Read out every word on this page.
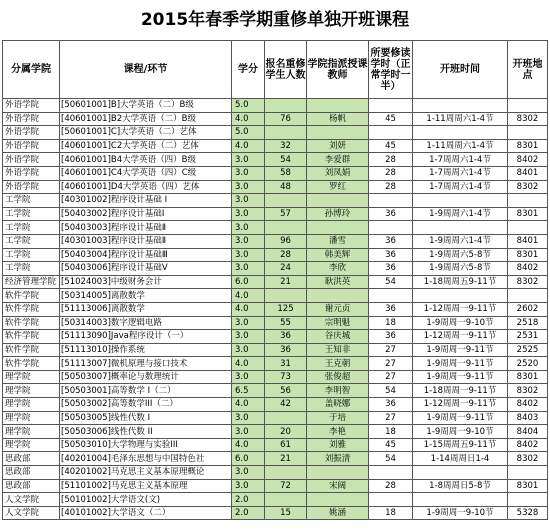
2015年春季学期重修单独开班课程
分属学院	课程/环节	学分	报名重修学生人数	学院指派授课教师	所要修读学时（正常学时一半）	开班时间	开班地点
外语学院	[50601001]B]大学英语（二）B级	5.0					
外语学院	[40601001]B2大学英语（二）B级	4.0	76	杨帆	45	1-11周周六1-4节	8302
外语学院	[50601001]C]大学英语（二）艺体	5.0					
外语学院	[40601001]C2大学英语（二）艺体	4.0	32	刘妍	45	1-11周周六1-4节	8301
外语学院	[40601001]B4大学英语（四）B级	3.0	54	李爱群	28	1-7周周六1-4节	8402
外语学院	[40601001]C4大学英语（四）C级	3.0	58	刘凤娟	28	1-7周周六1-4节	8401
外语学院	[40601001]D4大学英语（四）艺体	3.0	48	罗红	28	1-7周周六1-4节	8302
工学院	[40301002]程序设计基础 I	3.0					
工学院	[50403002]程序设计基础I	3.0	57	孙博玲	36	1-9周周六1-4节	8301
工学院	[50403003]程序设计基础Ⅱ	3.0					
工学院	[40301003]程序设计基础Ⅱ	3.0	96	潘雪	36	1-9周周六1-4节	8401
工学院	[50403004]程序设计基础Ⅲ	3.0	28	韩美辉	36	1-9周周六5-8节	8301
工学院	[50403006]程序设计基础V	3.0	24	李欣	36	1-9周周六5-8节	8402
经济管理学院	[51024003]中级财务会计	6.0	21	耿洪英	54	1-18周周五9-11节	8302
软件学院	[50314005]离散数学	4.0					
软件学院	[51113006]离散数学	4.0	125	谢元贞	36	1-12周周一9-11节	2602
软件学院	[50314003]数字逻辑电路	3.0	55	宗明魁	18	1-9周周一9-10节	2518
软件学院	[51113090]Java程序设计（一）	3.0	36	谷庆城	36	1-12周周一9-11节	2531
软件学院	[51113010]操作系统	3.0	36	王知非	27	1-9周周一9-11节	2525
软件学院	[51113007]微机原理与接口技术	4.0	31	王克朝	27	1-9周周一9-11节	2520
理学院	[50503007]概率论与数理统计	3.0	73	张俊超	27	1-9周周一9-11节	8301
理学院	[50503001]高等数学 I（二）	6.5	56	李明智	54	1-18周周一9-11节	8302
理学院	[50503002]高等数学III（二）	4.0	42	盖晓娜	36	1-12周周一9-11节	8402
理学院	[50503005]线性代数 I	3.0		于培	27	1-9周周一9-11节	8403
理学院	[50503006]线性代数 II	3.0	20	李艳	18	1-9周周一9-10节	8404
理学院	[50503010]大学物理与实验III	4.0	61	刘雅	45	1-15周周五9-11节	8402
思政部	[40201004]毛泽东思想与中国特色社	6.0	21	刘振清	54	1-14周周日1-4	8302
思政部	[40201002]马克思主义基本原理概论	3.0					
思政部	[51101002]马克思主义基本原理	3.0	72	宋阔	28	1-8周周日5-8节	8301
人文学院	[50101002]大学语文(文)	2.0					
人文学院	[40101002]大学语文（二）	2.0	15	姚涵	18	1-9周周一9-10节	5328
